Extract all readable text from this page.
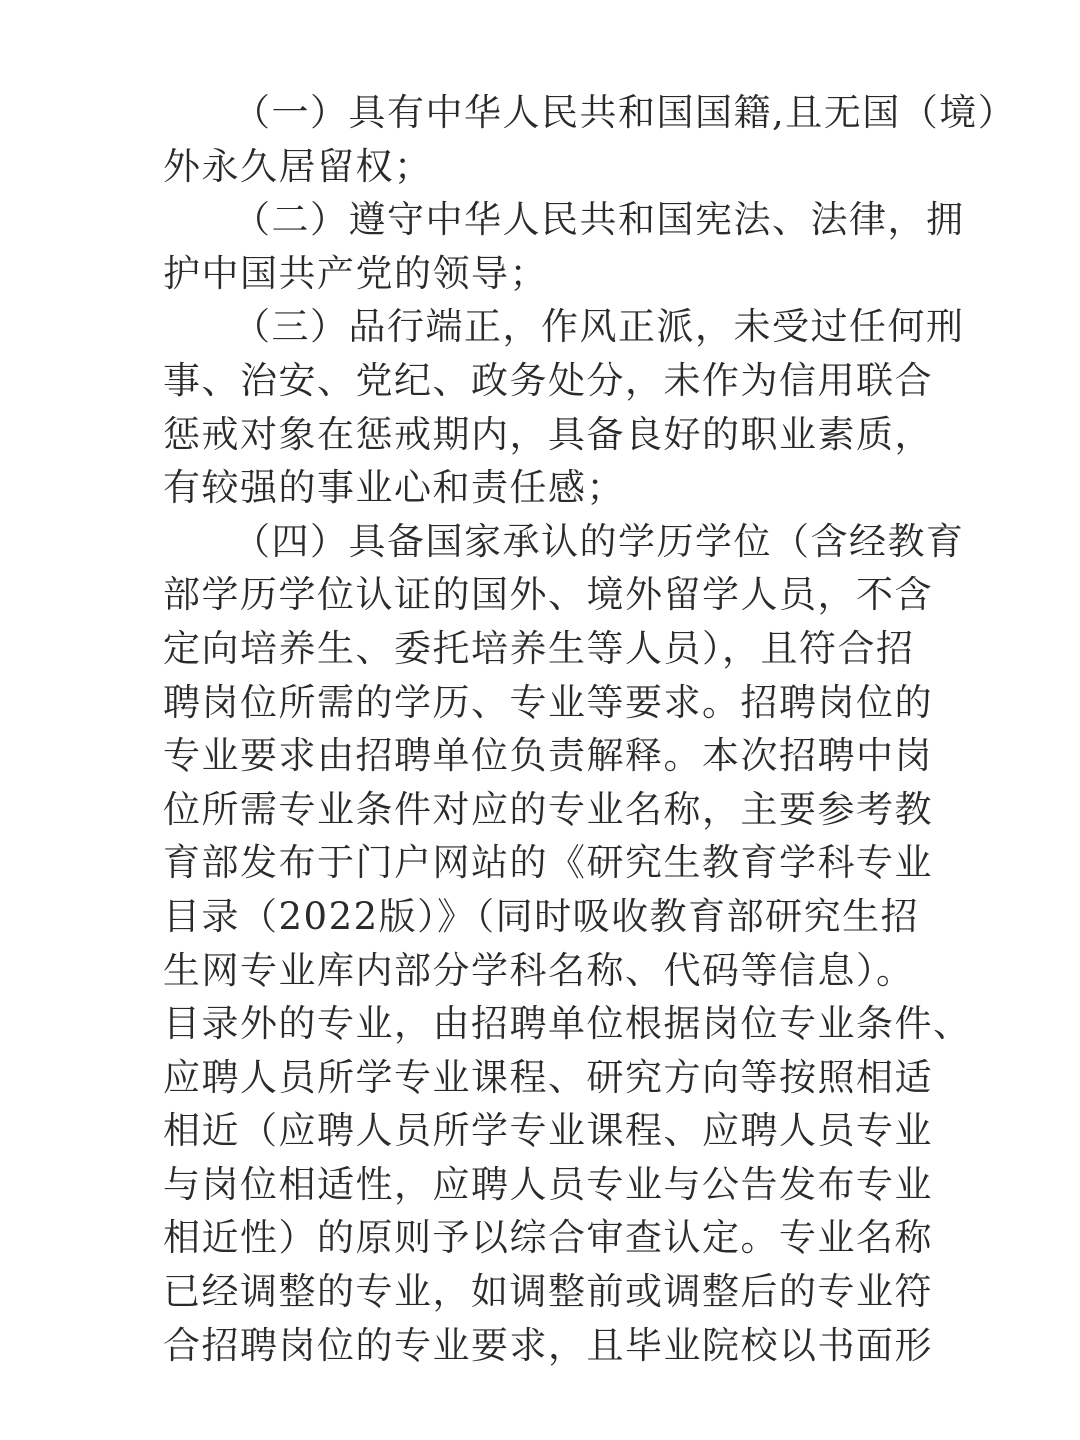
（一）具有中华人民共和国国籍,且无国（境）
外永久居留权；
（二）遵守中华人民共和国宪法、法律，拥
护中国共产党的领导；
（三）品行端正，作风正派，未受过任何刑
事、治安、党纪、政务处分，未作为信用联合
惩戒对象在惩戒期内，具备良好的职业素质，
有较强的事业心和责任感；
（四）具备国家承认的学历学位（含经教育
部学历学位认证的国外、境外留学人员，不含
定向培养生、委托培养生等人员），且符合招
聘岗位所需的学历、专业等要求。招聘岗位的
专业要求由招聘单位负责解释。本次招聘中岗
位所需专业条件对应的专业名称，主要参考教
育部发布于门户网站的《研究生教育学科专业
目录（2022版）》（同时吸收教育部研究生招
生网专业库内部分学科名称、代码等信息）。
目录外的专业，由招聘单位根据岗位专业条件、
应聘人员所学专业课程、研究方向等按照相适
相近（应聘人员所学专业课程、应聘人员专业
与岗位相适性，应聘人员专业与公告发布专业
相近性）的原则予以综合审查认定。专业名称
已经调整的专业，如调整前或调整后的专业符
合招聘岗位的专业要求，且毕业院校以书面形
